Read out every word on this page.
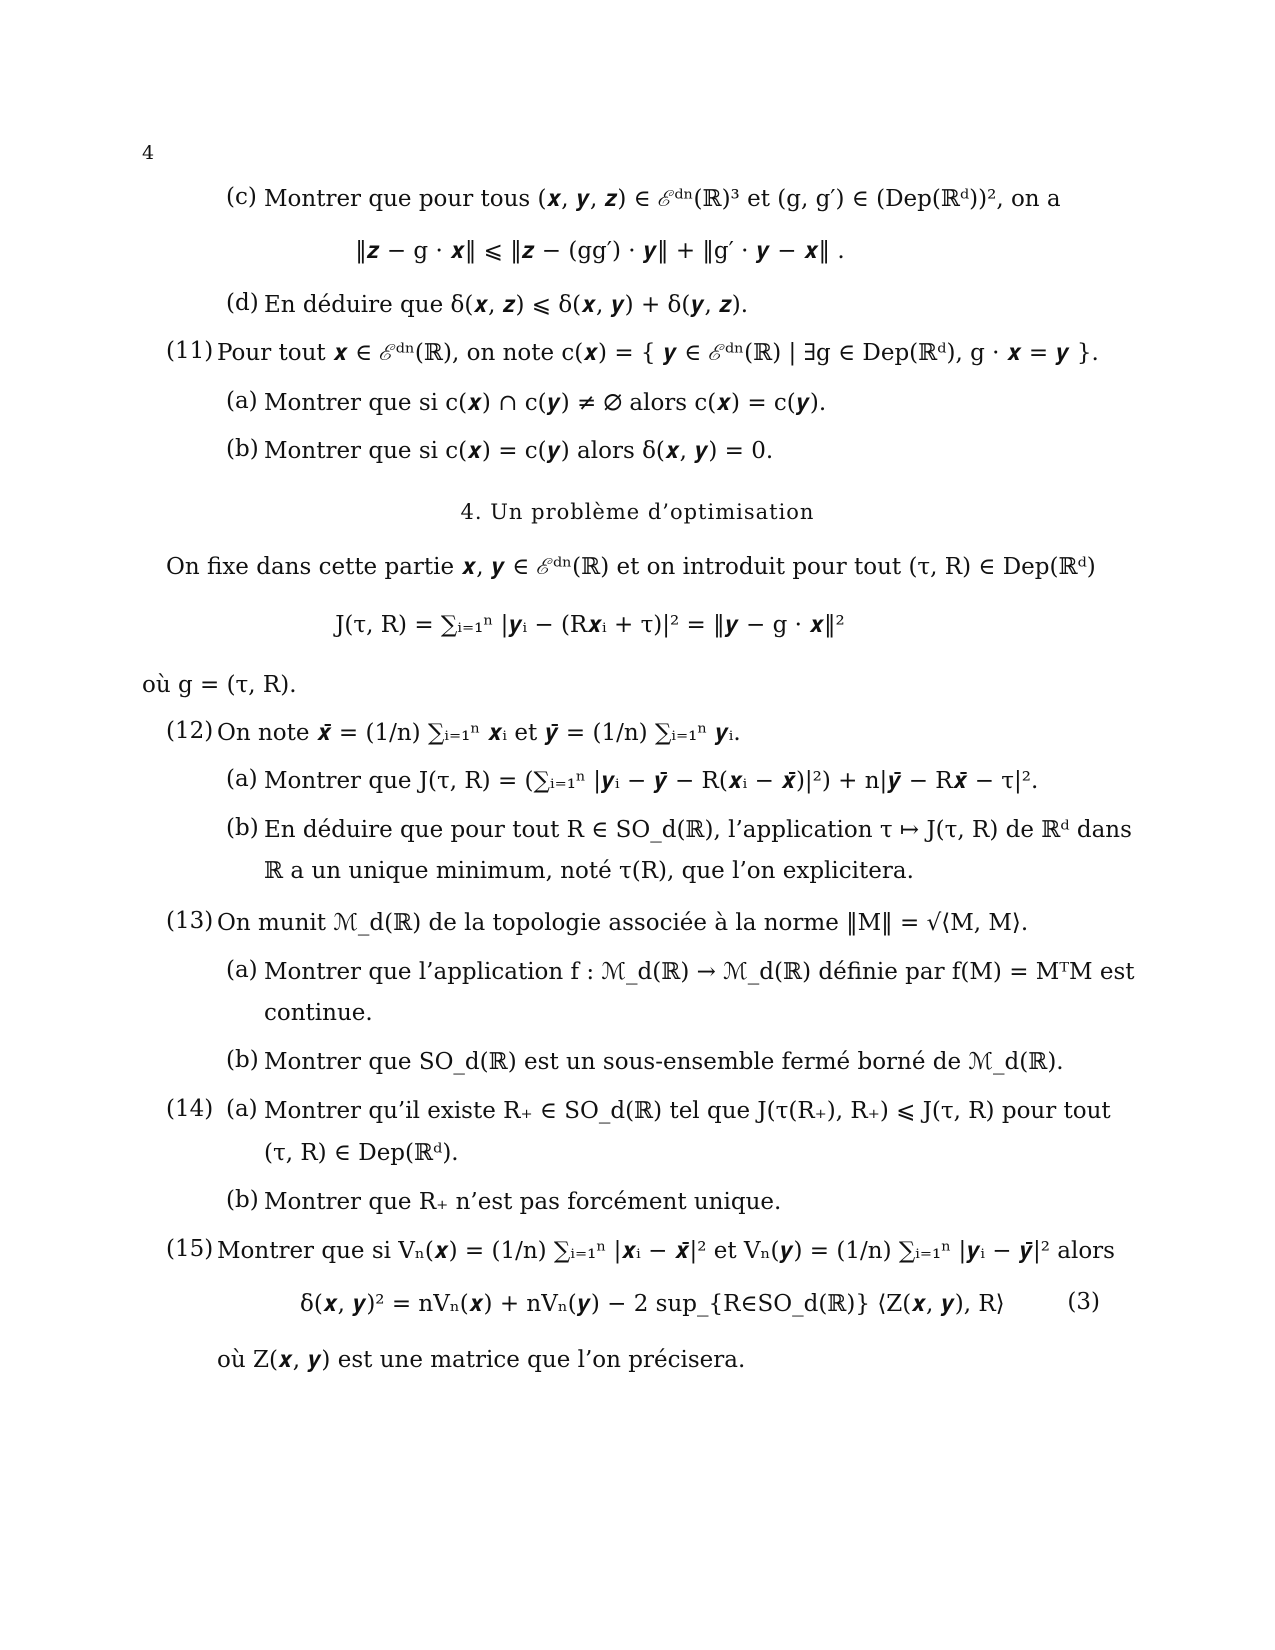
4
(c) Montrer que pour tous (𝒙, 𝒚, 𝒛) ∈ ℰᵈⁿ(ℝ)³ et (g, g′) ∈ (Dep(ℝᵈ))², on a
‖𝒛 − g · 𝒙‖ ⩽ ‖𝒛 − (gg′) · 𝒚‖ + ‖g′ · 𝒚 − 𝒙‖ .
(d) En déduire que δ(𝒙, 𝒛) ⩽ δ(𝒙, 𝒚) + δ(𝒚, 𝒛).
(11) Pour tout 𝒙 ∈ ℰᵈⁿ(ℝ), on note c(𝒙) = { 𝒚 ∈ ℰᵈⁿ(ℝ) | ∃g ∈ Dep(ℝᵈ), g · 𝒙 = 𝒚 }.
(a) Montrer que si c(𝒙) ∩ c(𝒚) ≠ ∅ alors c(𝒙) = c(𝒚).
(b) Montrer que si c(𝒙) = c(𝒚) alors δ(𝒙, 𝒚) = 0.
4. Un problème d’optimisation
On fixe dans cette partie 𝒙, 𝒚 ∈ ℰᵈⁿ(ℝ) et on introduit pour tout (τ, R) ∈ Dep(ℝᵈ)
J(τ, R) = ∑ᵢ₌₁ⁿ |𝒚ᵢ − (R𝒙ᵢ + τ)|² = ‖𝒚 − g · 𝒙‖²
où g = (τ, R).
(12) On note 𝒙̄ = (1/n) ∑ᵢ₌₁ⁿ 𝒙ᵢ et 𝒚̄ = (1/n) ∑ᵢ₌₁ⁿ 𝒚ᵢ.
(a) Montrer que J(τ, R) = (∑ᵢ₌₁ⁿ |𝒚ᵢ − 𝒚̄ − R(𝒙ᵢ − 𝒙̄)|²) + n|𝒚̄ − R𝒙̄ − τ|².
(b) En déduire que pour tout R ∈ SO_d(ℝ), l’application τ ↦ J(τ, R) de ℝᵈ dans
ℝ a un unique minimum, noté τ(R), que l’on explicitera.
(13) On munit ℳ_d(ℝ) de la topologie associée à la norme ‖M‖ = √⟨M, M⟩.
(a) Montrer que l’application f : ℳ_d(ℝ) → ℳ_d(ℝ) définie par f(M) = MᵀM est
continue.
(b) Montrer que SO_d(ℝ) est un sous-ensemble fermé borné de ℳ_d(ℝ).
(14) (a) Montrer qu’il existe R₊ ∈ SO_d(ℝ) tel que J(τ(R₊), R₊) ⩽ J(τ, R) pour tout
(τ, R) ∈ Dep(ℝᵈ).
(b) Montrer que R₊ n’est pas forcément unique.
(15) Montrer que si Vₙ(𝒙) = (1/n) ∑ᵢ₌₁ⁿ |𝒙ᵢ − 𝒙̄|² et Vₙ(𝒚) = (1/n) ∑ᵢ₌₁ⁿ |𝒚ᵢ − 𝒚̄|² alors
δ(𝒙, 𝒚)² = nVₙ(𝒙) + nVₙ(𝒚) − 2 sup_{R∈SO_d(ℝ)} ⟨Z(𝒙, 𝒚), R⟩	(3)
où Z(𝒙, 𝒚) est une matrice que l’on précisera.
